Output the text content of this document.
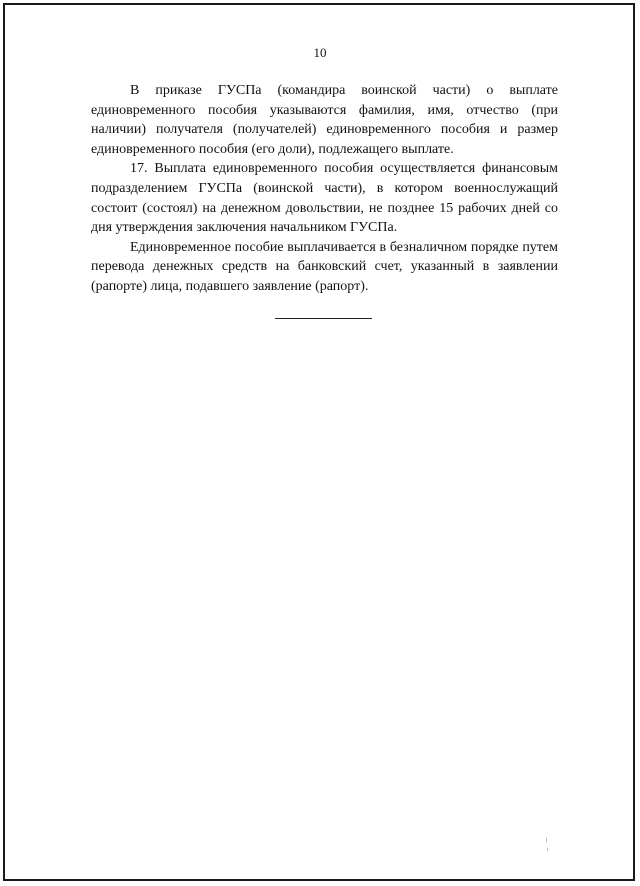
10

В приказе ГУСПа (командира воинской части) о выплате единовременного пособия указываются фамилия, имя, отчество (при наличии) получателя (получателей) единовременного пособия и размер единовременного пособия (его доли), подлежащего выплате.

17. Выплата единовременного пособия осуществляется финансовым подразделением ГУСПа (воинской части), в котором военнослужащий состоит (состоял) на денежном довольствии, не позднее 15 рабочих дней со дня утверждения заключения начальником ГУСПа.

Единовременное пособие выплачивается в безналичном порядке путем перевода денежных средств на банковский счет, указанный в заявлении (рапорте) лица, подавшего заявление (рапорт).
